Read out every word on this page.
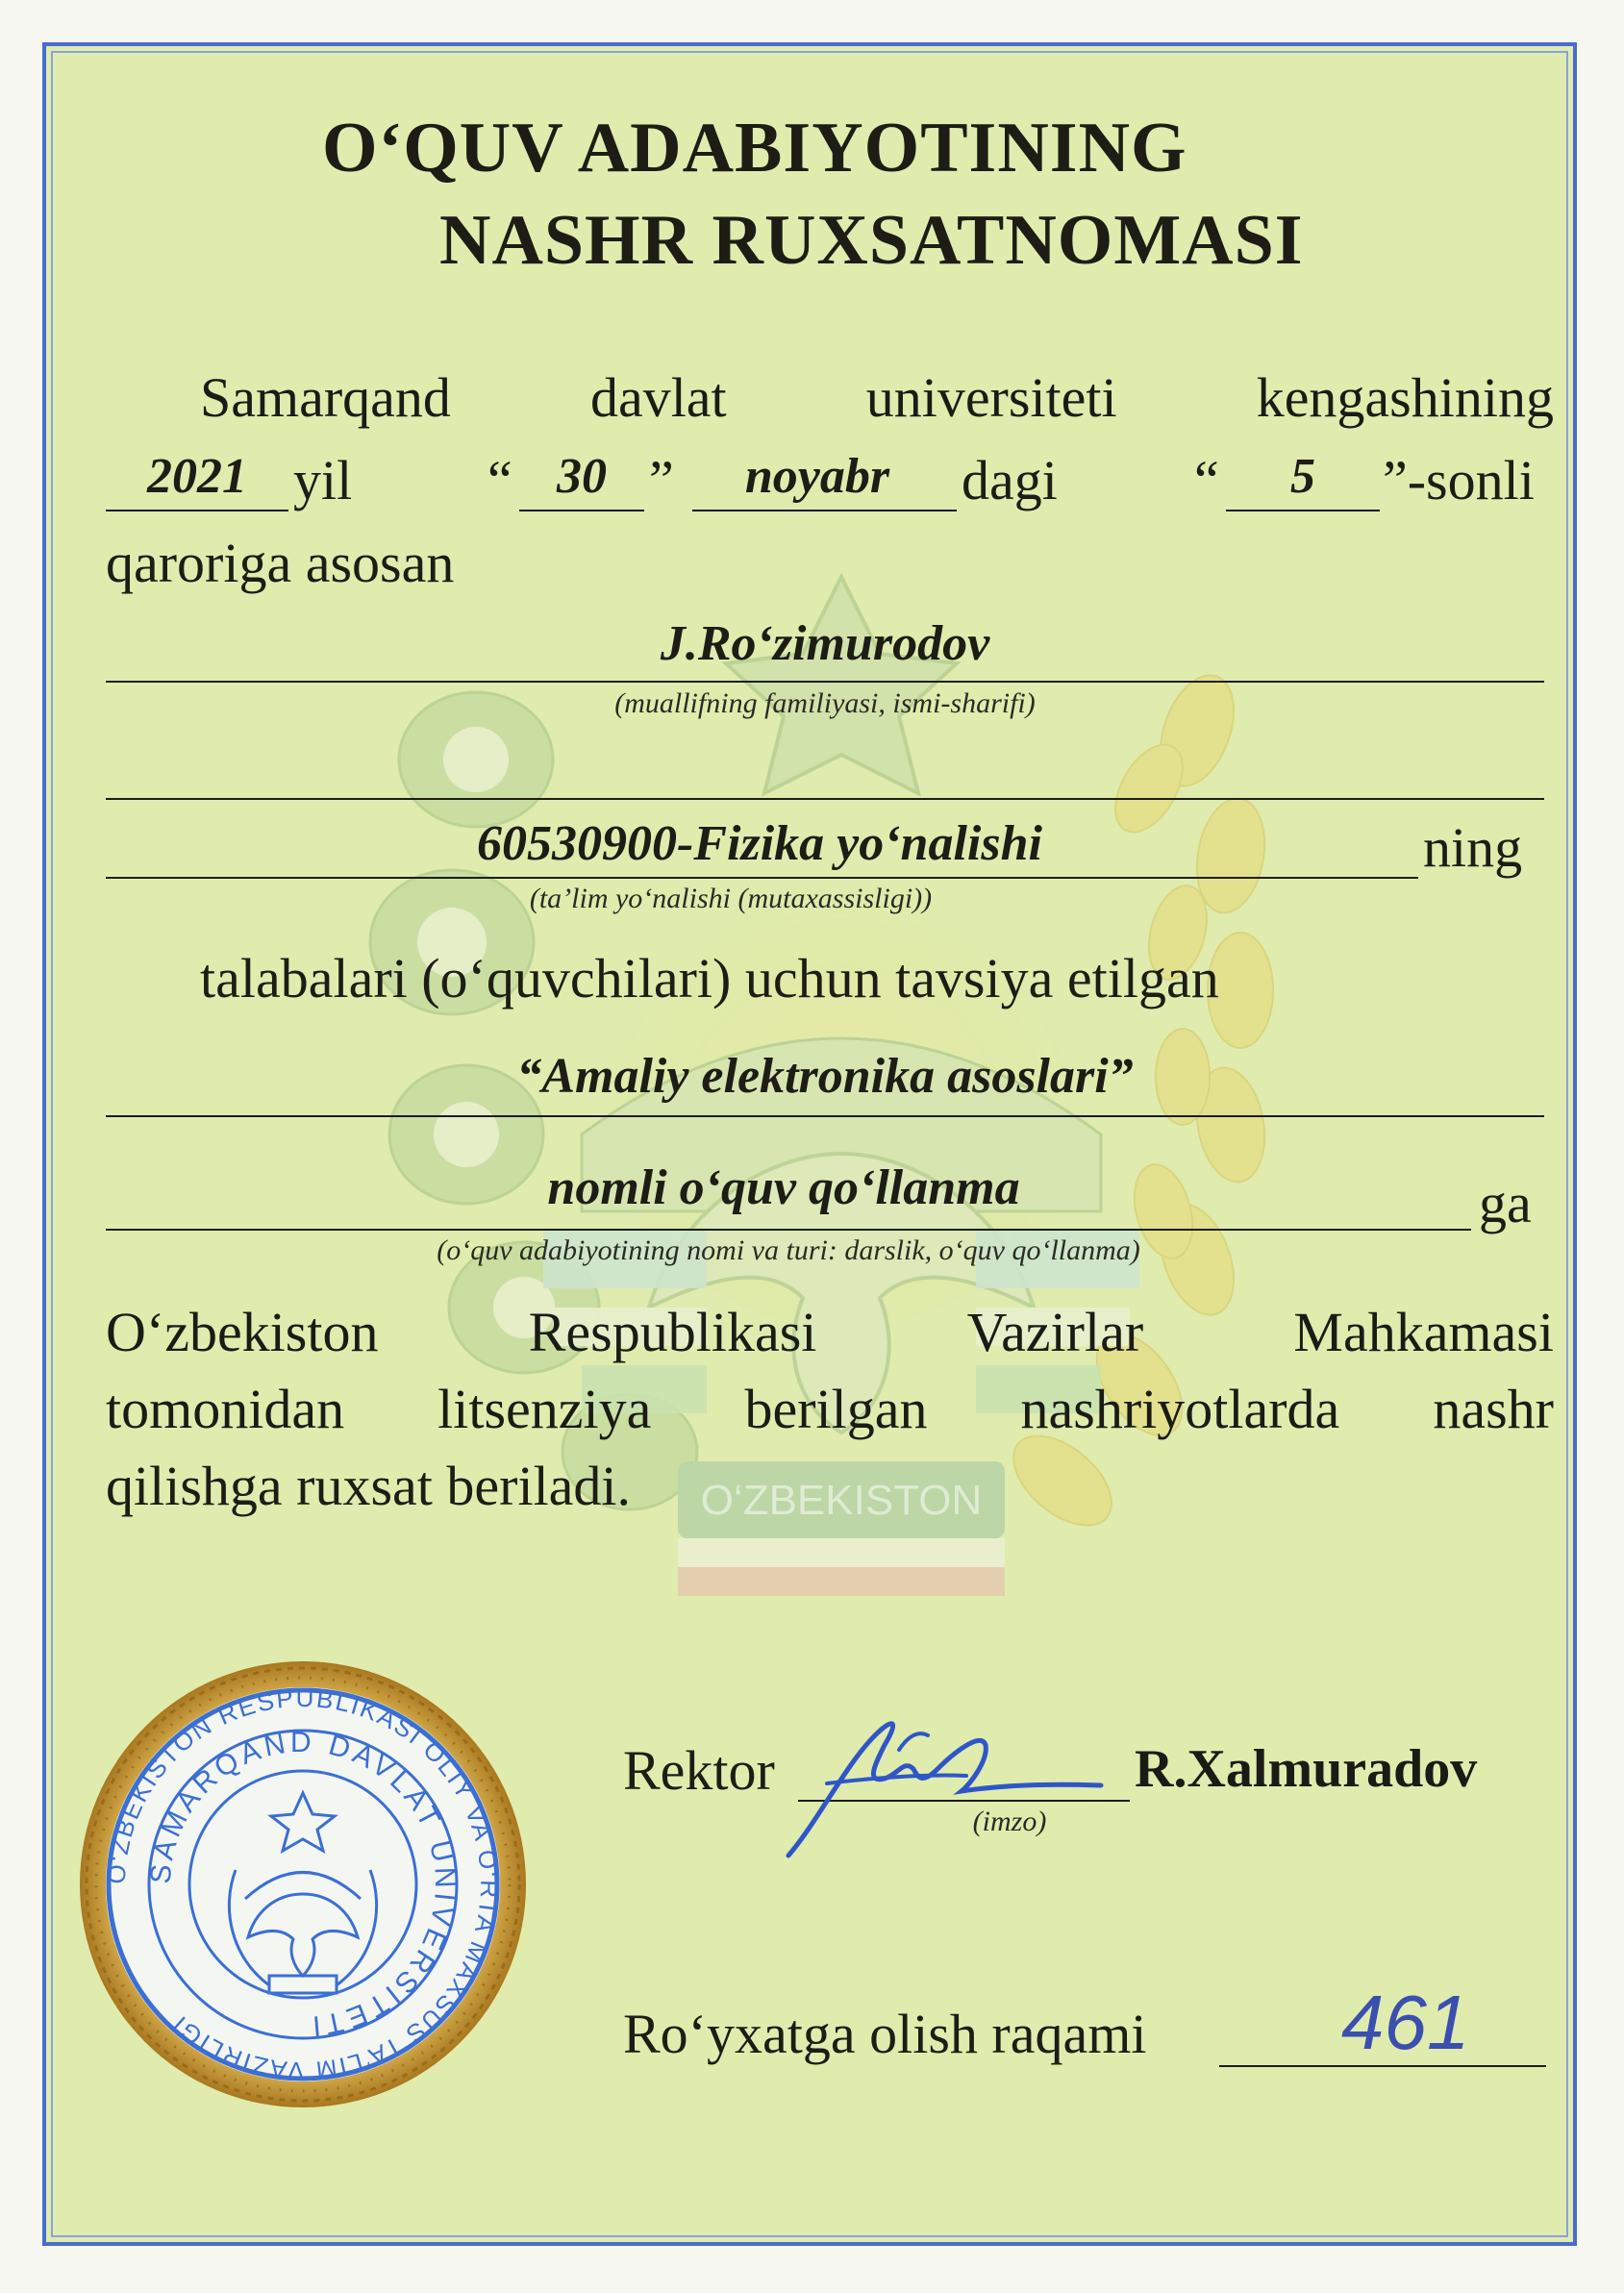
O‘ZBEKISTON
O‘QUV ADABIYOTINING
NASHR RUXSATNOMASI
Samarqand	davlat	universiteti	kengashining
2021 yil “ 30 ”	noyabr	dagi “	5	”-sonli
qaroriga asosan
J.Ro‘zimurodov
(muallifning familiyasi, ismi-sharifi)
60530900-Fizika yo‘nalishi	ning
(ta’lim yo‘nalishi (mutaxassisligi))
talabalari (o‘quvchilari) uchun tavsiya etilgan
“Amaliy elektronika asoslari”
nomli o‘quv qo‘llanma	ga
(o‘quv adabiyotining nomi va turi: darslik, o‘quv qo‘llanma)
O‘zbekiston	Respublikasi	Vazirlar	Mahkamasi
tomonidan litsenziya berilgan nashriyotlarda nashr
qilishga ruxsat beriladi.
O‘ZBEKISTON RESPUBLIKASI OLIY VA O‘RTA MAXSUS TA’LIM VAZIRLIGI
SAMARQAND DAVLAT UNIVERSITETI
Rektor	R.Xalmuradov
(imzo)
Ro‘yxatga olish raqami	461
